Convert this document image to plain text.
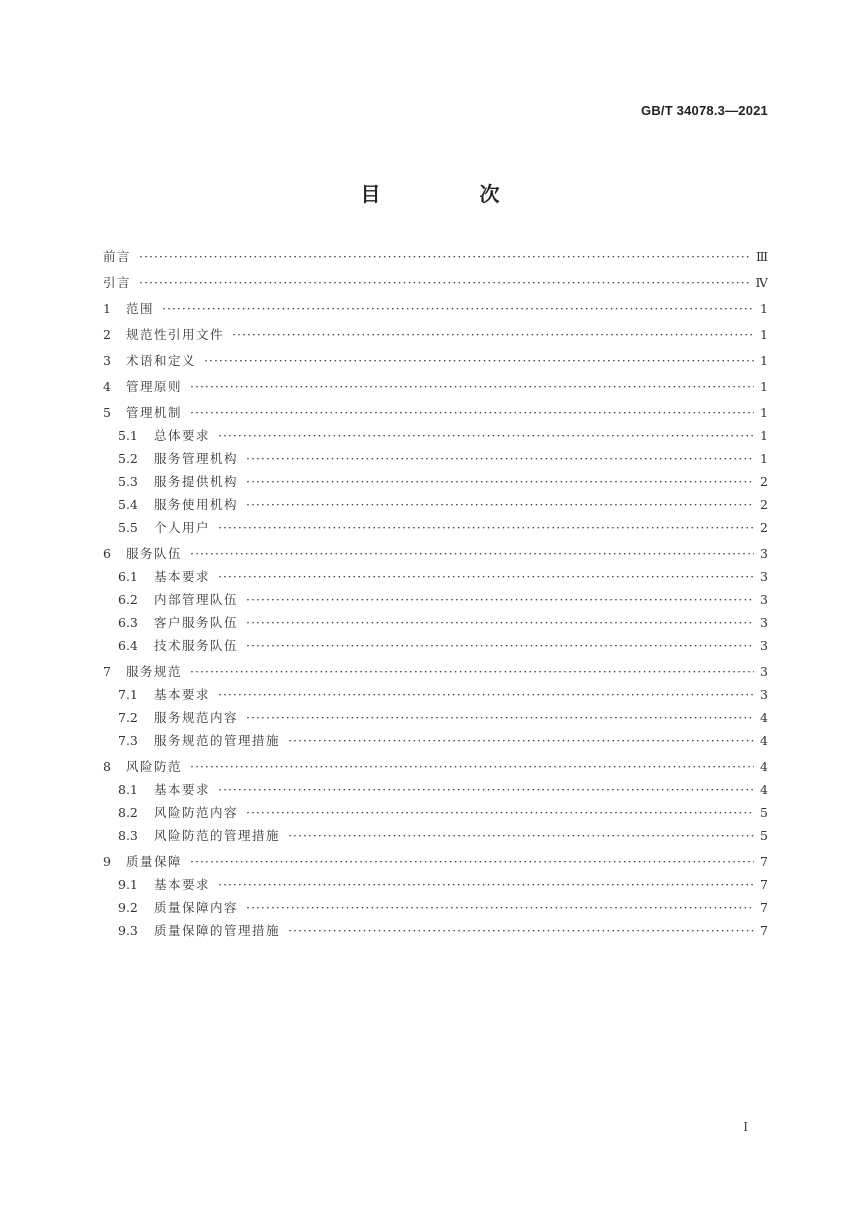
GB/T 34078.3—2021
目 次
前言 ·····	Ⅲ
引言 ·····	Ⅳ
1	范围 ·····	1
2	规范性引用文件 ·····	1
3	术语和定义 ·····	1
4	管理原则 ·····	1
5	管理机制 ·····	1
5.1	总体要求 ·····	1
5.2	服务管理机构 ·····	1
5.3	服务提供机构 ·····	2
5.4	服务使用机构 ·····	2
5.5	个人用户 ·····	2
6	服务队伍 ·····	3
6.1	基本要求 ·····	3
6.2	内部管理队伍 ·····	3
6.3	客户服务队伍 ·····	3
6.4	技术服务队伍 ·····	3
7	服务规范 ·····	3
7.1	基本要求 ·····	3
7.2	服务规范内容 ·····	4
7.3	服务规范的管理措施 ·····	4
8	风险防范 ·····	4
8.1	基本要求 ·····	4
8.2	风险防范内容 ·····	5
8.3	风险防范的管理措施 ·····	5
9	质量保障 ·····	7
9.1	基本要求 ·····	7
9.2	质量保障内容 ·····	7
9.3	质量保障的管理措施 ·····	7
I
